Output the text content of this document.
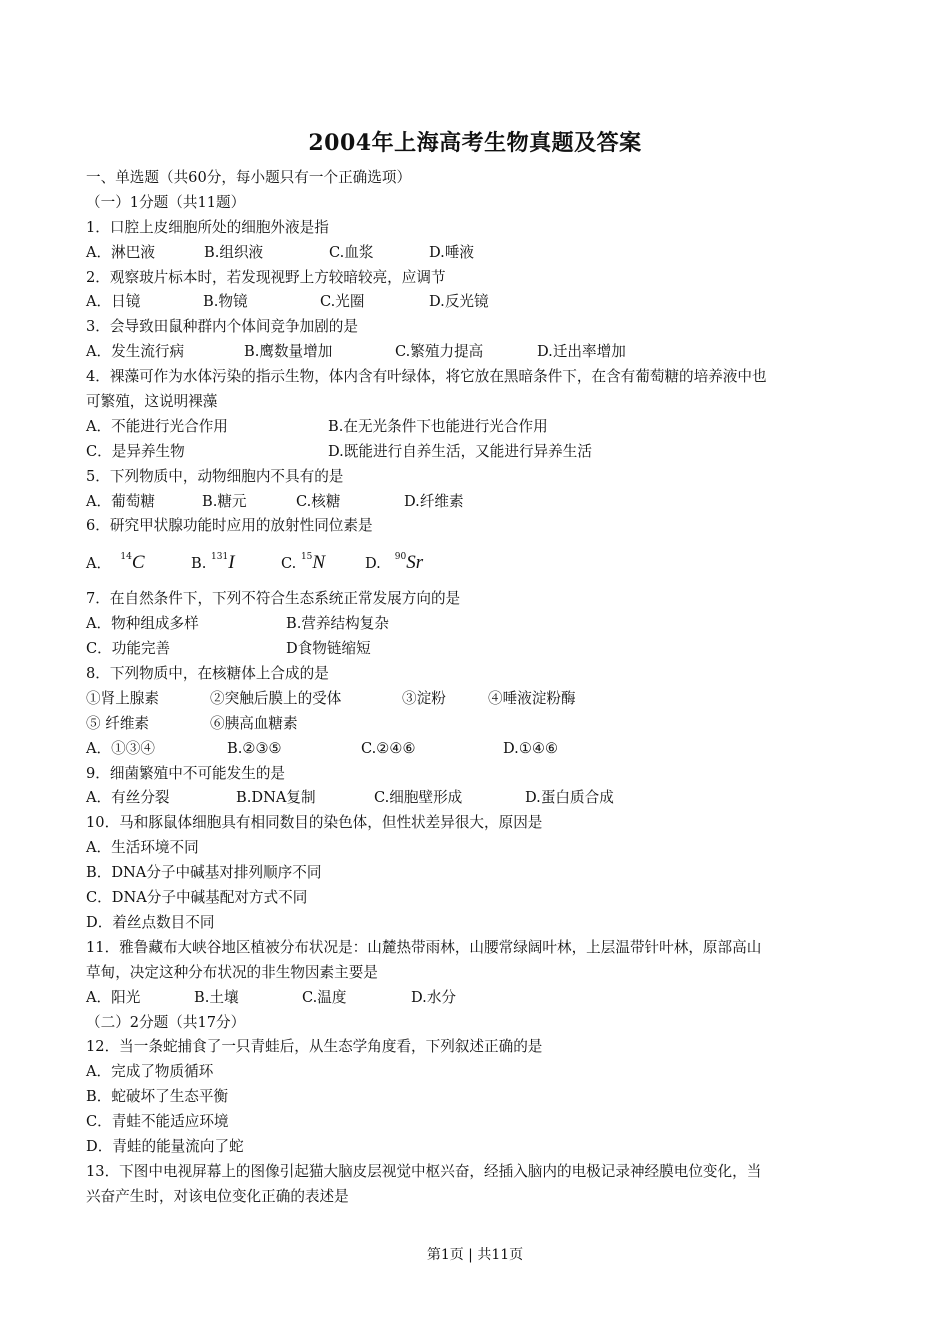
2004年上海高考生物真题及答案
一、单选题（共60分，每小题只有一个正确选项）
（一）1分题（共11题）
1．口腔上皮细胞所处的细胞外液是指
A．淋巴液	B.组织液	C.血浆	D.唾液
2．观察玻片标本时，若发现视野上方较暗较亮，应调节
A．日镜	B.物镜	C.光圈	D.反光镜
3．会导致田鼠种群内个体间竞争加剧的是
A．发生流行病	B.鹰数量增加	C.繁殖力提高	D.迁出率增加
4．裸藻可作为水体污染的指示生物，体内含有叶绿体，将它放在黑暗条件下，在含有葡萄糖的培养液中也
可繁殖，这说明裸藻
A．不能进行光合作用	B.在无光条件下也能进行光合作用
C．是异养生物	D.既能进行自养生活，又能进行异养生活
5．下列物质中，动物细胞内不具有的是
A．葡萄糖	B.糖元	C.核糖	D.纤维素
6．研究甲状腺功能时应用的放射性同位素是
A． $^{14}$C	B. $^{131}$I	C. $^{15}$N	D. $^{90}$Sr
7．在自然条件下，下列不符合生态系统正常发展方向的是
A．物种组成多样	B.营养结构复杂
C．功能完善	D食物链缩短
8．下列物质中，在核糖体上合成的是
①肾上腺素	②突触后膜上的受体	③淀粉	④唾液淀粉酶
⑤ 纤维素	⑥胰高血糖素
A．①③④	B.②③⑤	C.②④⑥	D.①④⑥
9．细菌繁殖中不可能发生的是
A．有丝分裂	B.DNA复制	C.细胞壁形成	D.蛋白质合成
10．马和豚鼠体细胞具有相同数目的染色体，但性状差异很大，原因是
A．生活环境不同
B．DNA分子中碱基对排列顺序不同
C．DNA分子中碱基配对方式不同
D．着丝点数目不同
11．雅鲁藏布大峡谷地区植被分布状况是：山麓热带雨林，山腰常绿阔叶林，上层温带针叶林，原部高山
草甸，决定这种分布状况的非生物因素主要是
A．阳光	B.土壤	C.温度	D.水分
（二）2分题（共17分）
12．当一条蛇捕食了一只青蛙后，从生态学角度看，下列叙述正确的是
A．完成了物质循环
B．蛇破坏了生态平衡
C．青蛙不能适应环境
D．青蛙的能量流向了蛇
13．下图中电视屏幕上的图像引起猫大脑皮层视觉中枢兴奋，经插入脑内的电极记录神经膜电位变化，当
兴奋产生时，对该电位变化正确的表述是
第1页 | 共11页
